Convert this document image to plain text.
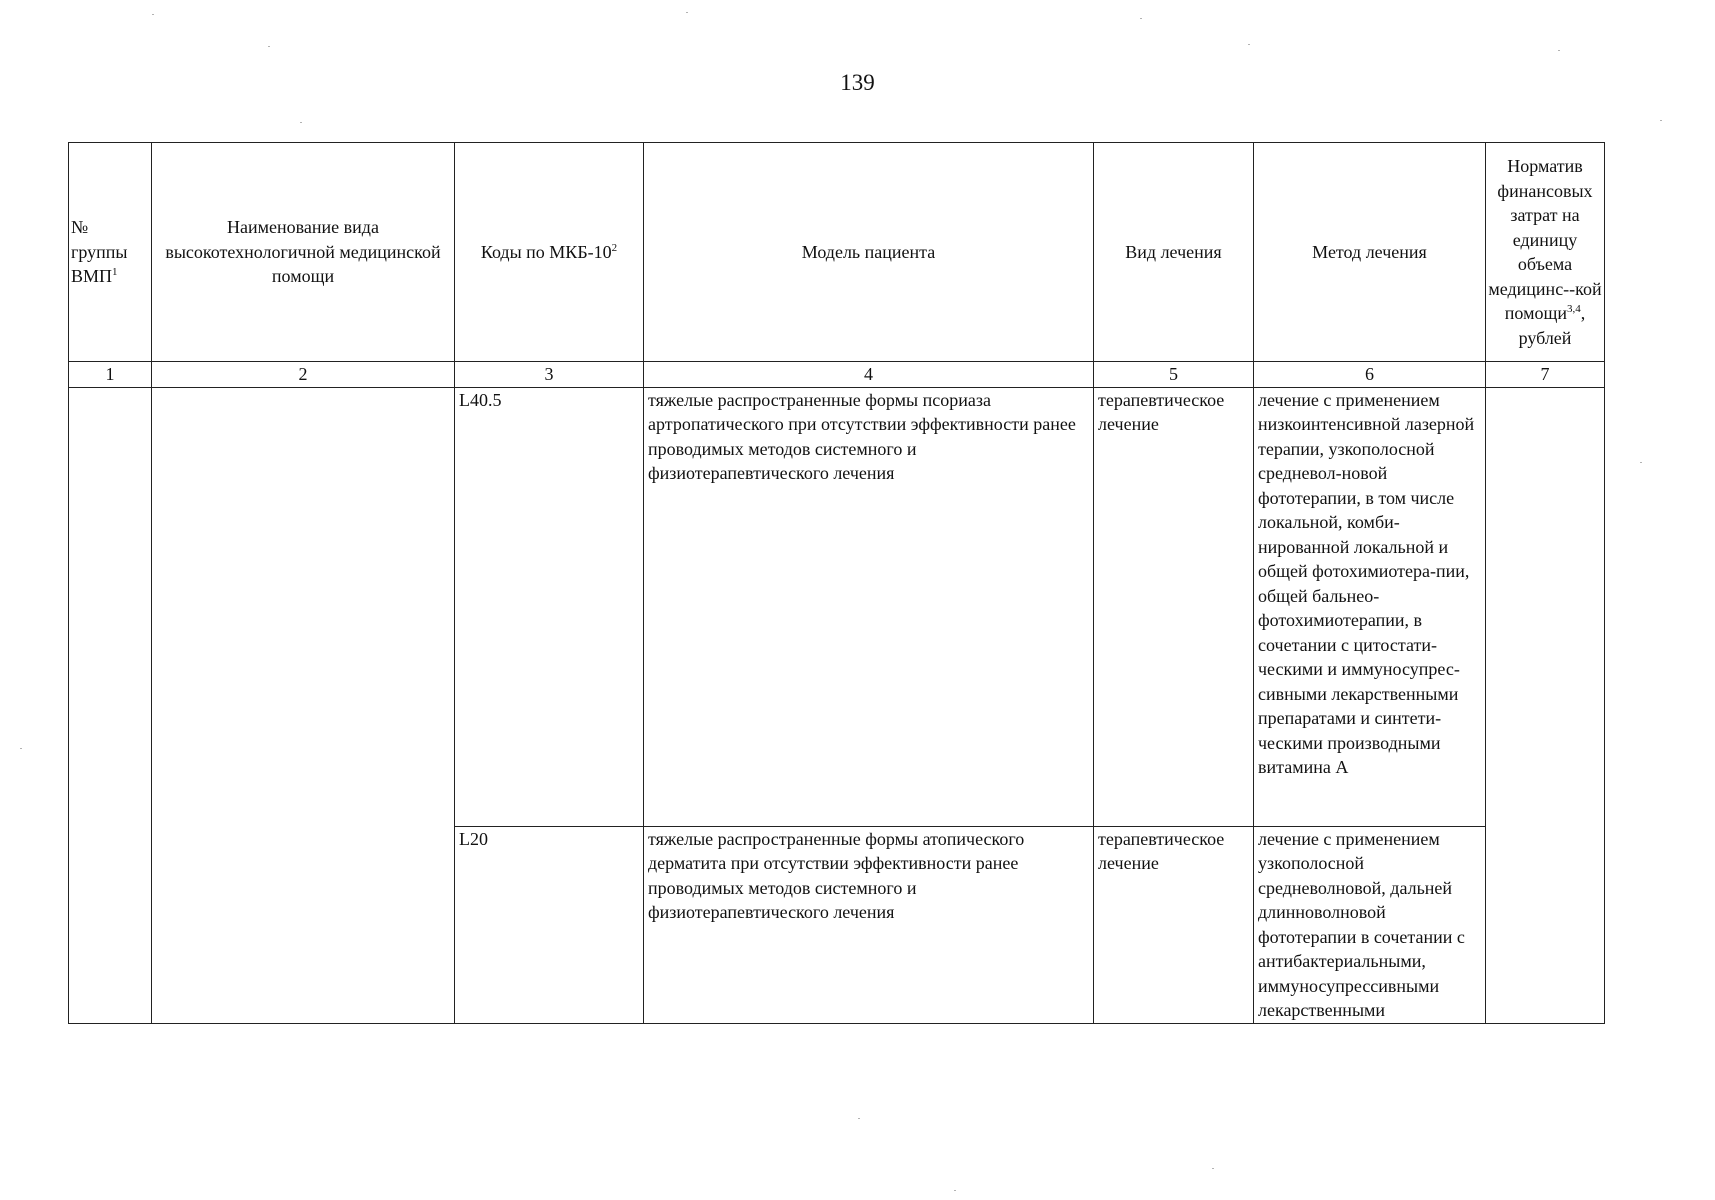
139
№ группы ВМП$^1$	Наименование вида высокотехнологичной медицинской помощи	Коды по МКБ-$10^2$	Модель пациента	Вид лечения	Метод лечения	Норматив финансовых затрат на единицу объема медицинс--кой помощи$^{3,4}$, рублей
1	2	3	4	5	6	7
		L40.5	тяжелые распространенные формы псориаза артропатического при отсутствии эффективности ранее проводимых методов системного и физиотерапевтического лечения	терапевтическое лечение	лечение с применением низкоинтенсивной лазерной терапии, узкополосной средневол-новой фототерапии, в том числе локальной, комби-нированной локальной и общей фотохимиотера-пии, общей бальнео-фотохимиотерапии, в сочетании с цитостати-ческими и иммуносупрес-сивными лекарственными препаратами и синтети-ческими производными витамина А	
		L20	тяжелые распространенные формы атопического дерматита при отсутствии эффективности ранее проводимых методов системного и физиотерапевтического лечения	терапевтическое лечение	лечение с применением узкополосной средневолновой, дальней длинноволновой фототерапии в сочетании с антибактериальными, иммуносупрессивными лекарственными	
